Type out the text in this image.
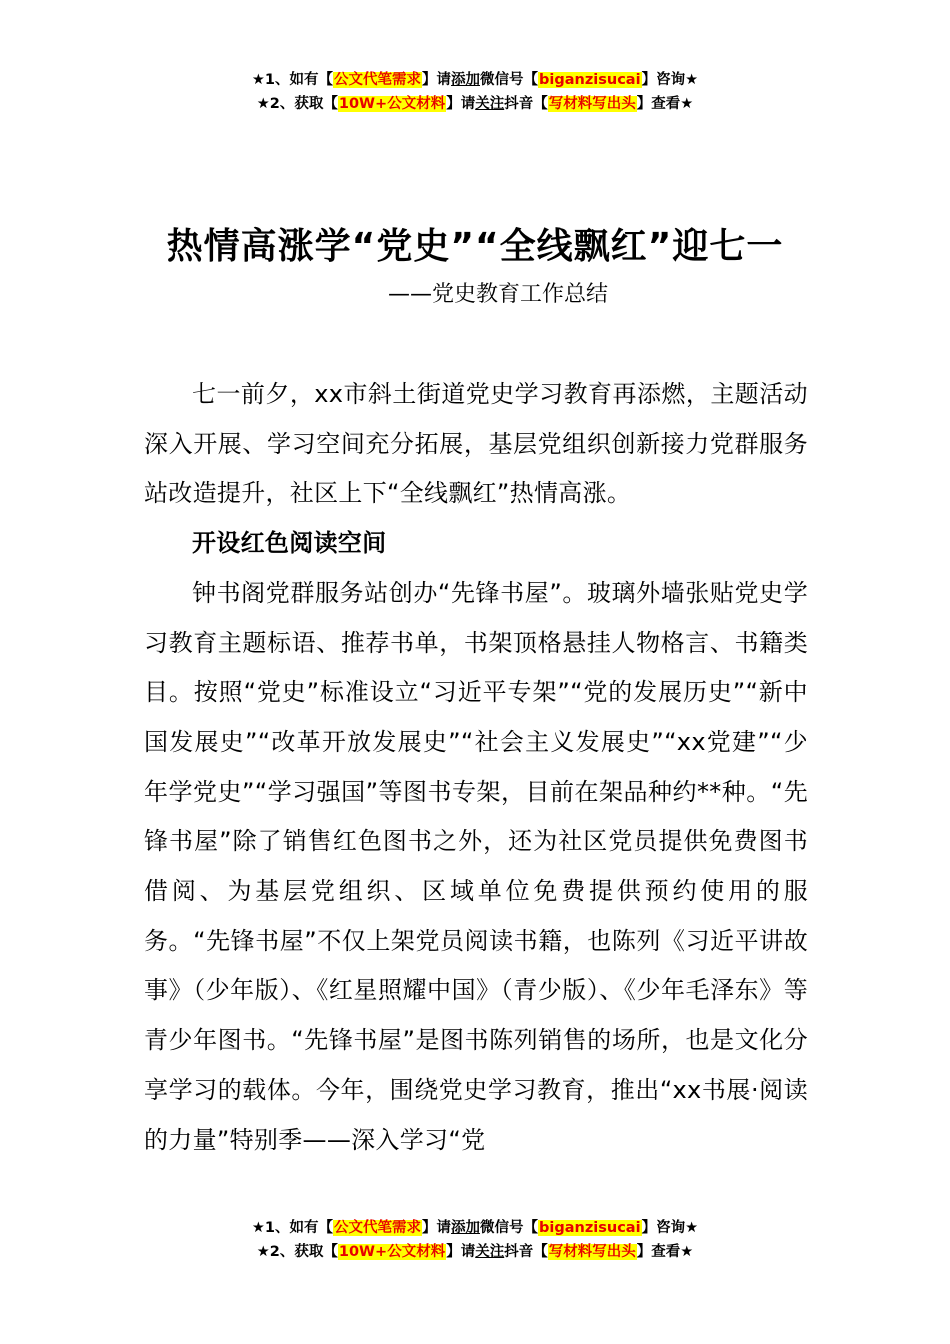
★1、如有【公文代笔需求】请添加微信号【biganzisucai】咨询★
★2、获取【10W+公文材料】请关注抖音【写材料写出头】查看★
热情高涨学“党史”“全线飘红”迎七一
——党史教育工作总结

七一前夕，xx市斜土街道党史学习教育再添燃，主题活动深入开展、学习空间充分拓展，基层党组织创新接力党群服务站改造提升，社区上下“全线飘红”热情高涨。

开设红色阅读空间

钟书阁党群服务站创办“先锋书屋”。玻璃外墙张贴党史学习教育主题标语、推荐书单，书架顶格悬挂人物格言、书籍类目。按照“党史”标准设立“习近平专架”“党的发展历史”“新中国发展史”“改革开放发展史”“社会主义发展史”“xx党建”“少年学党史”“学习强国”等图书专架，目前在架品种约**种。“先锋书屋”除了销售红色图书之外，还为社区党员提供免费图书借阅、为基层党组织、区域单位免费提供预约使用的服务。“先锋书屋”不仅上架党员阅读书籍，也陈列《习近平讲故事》（少年版）、《红星照耀中国》（青少版）、《少年毛泽东》等青少年图书。“先锋书屋”是图书陈列销售的场所，也是文化分享学习的载体。今年，围绕党史学习教育，推出“xx书展·阅读的力量”特别季——深入学习“党

★1、如有【公文代笔需求】请添加微信号【biganzisucai】咨询★
★2、获取【10W+公文材料】请关注抖音【写材料写出头】查看★
